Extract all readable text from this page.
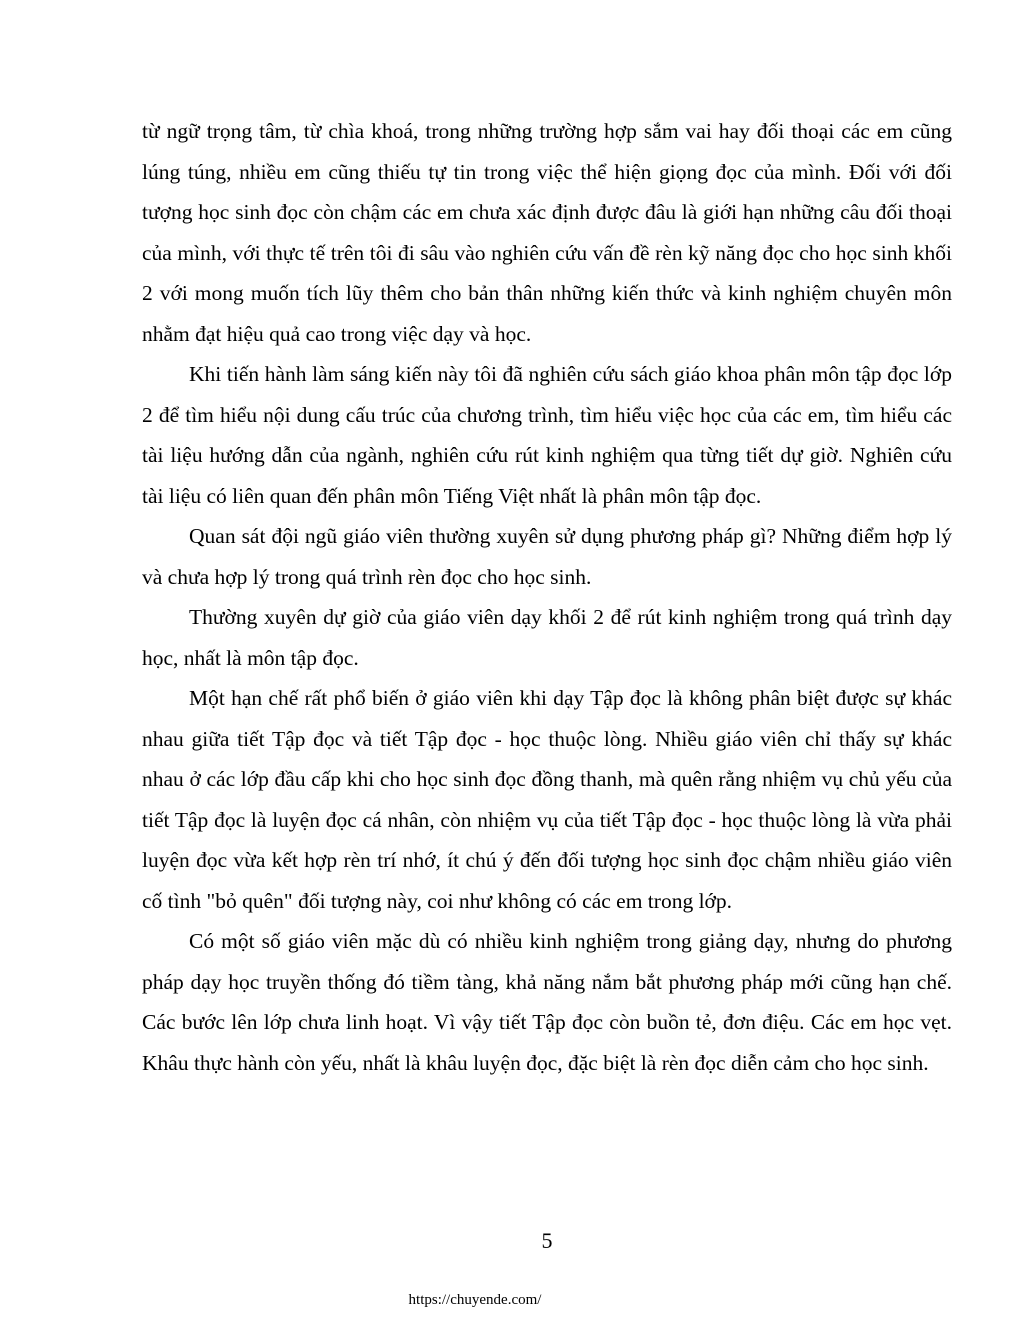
từ ngữ trọng tâm, từ chìa khoá, trong những trường hợp sắm vai hay đối thoại các em cũng lúng túng, nhiều em cũng thiếu tự tin trong việc thể hiện giọng đọc của mình. Đối với đối tượng học sinh đọc còn chậm các em chưa xác định được đâu là giới hạn những câu đối thoại của mình, với thực tế trên tôi đi sâu vào nghiên cứu vấn đề rèn kỹ năng đọc cho học sinh khối 2 với mong muốn tích lũy thêm cho bản thân những kiến thức và kinh nghiệm chuyên môn nhằm đạt hiệu quả cao trong việc dạy và học.

Khi tiến hành làm sáng kiến này tôi đã nghiên cứu sách giáo khoa phân môn tập đọc lớp 2 để tìm hiểu nội dung cấu trúc của chương trình, tìm hiểu việc học của các em, tìm hiểu các tài liệu hướng dẫn của ngành, nghiên cứu rút kinh nghiệm qua từng tiết dự giờ. Nghiên cứu tài liệu có liên quan đến phân môn Tiếng Việt nhất là phân môn tập đọc.

Quan sát đội ngũ giáo viên thường xuyên sử dụng phương pháp gì? Những điểm hợp lý và chưa hợp lý trong quá trình rèn đọc cho học sinh.

Thường xuyên dự giờ của giáo viên dạy khối 2 để rút kinh nghiệm trong quá trình dạy học, nhất là môn tập đọc.

Một hạn chế rất phổ biến ở giáo viên khi dạy Tập đọc là không phân biệt được sự khác nhau giữa tiết Tập đọc và tiết Tập đọc - học thuộc lòng. Nhiều giáo viên chỉ thấy sự khác nhau ở các lớp đầu cấp khi cho học sinh đọc đồng thanh, mà quên rằng nhiệm vụ chủ yếu của tiết Tập đọc là luyện đọc cá nhân, còn nhiệm vụ của tiết Tập đọc - học thuộc lòng là vừa phải luyện đọc vừa kết hợp rèn trí nhớ, ít chú ý đến đối tượng học sinh đọc chậm nhiều giáo viên cố tình "bỏ quên" đối tượng này, coi như không có các em trong lớp.

Có một số giáo viên mặc dù có nhiều kinh nghiệm trong giảng dạy, nhưng do phương pháp dạy học truyền thống đó tiềm tàng, khả năng nắm bắt phương pháp mới cũng hạn chế. Các bước lên lớp chưa linh hoạt. Vì vậy tiết Tập đọc còn buồn tẻ, đơn điệu. Các em học vẹt. Khâu thực hành còn yếu, nhất là khâu luyện đọc, đặc biệt là rèn đọc diễn cảm cho học sinh.

5
https://chuyende.com/
